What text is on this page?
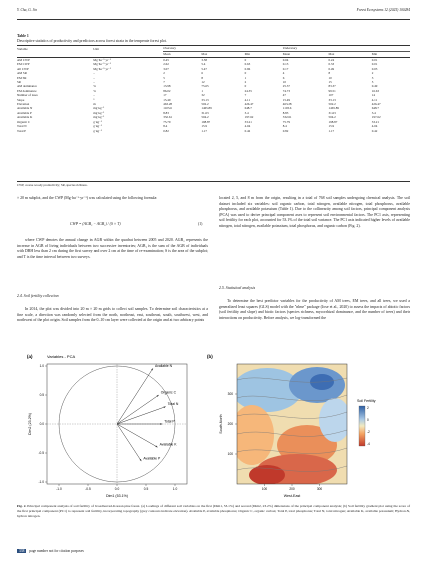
Y. Cha, G. Jin	Forest Ecosystems 12 (2025) 100284
Table 1
Descriptive statistics of productivity and predictors across forest strata in the temperate forest plot.
Variable	Unit	Overstory			Understory		
		Mean	Max	Min	Mean	Max	Min
AM CWP	Mg·ha⁻¹·yr⁻¹	0.45	3.58	0	0.04	0.24	0.01
EM CWP	Mg·ha⁻¹·yr⁻¹	2.62	5.4	0.63	0.13	0.33	0.01
All CWP	Mg·ha⁻¹·yr⁻¹	3.07	5.47	0.96	0.17	0.49	0.03
AM SR	–	2	6	0	4	8	2
EM SR	–	5	8	1	6	10	3
SR	–	7	12	2	10	15	5
AM dominance	%	13.98	75.65	0	25.37	83.37	0.49
EM dominance	%	86.02	1	24.35	74.73	99.51	16.63
Number of trees	–	17	32	7	47	107	14
Slope	°	15.49	33.13	4.11	15.49	33.13	4.11
Elevation	m	463.28	502.2	426.47	463.28	502.2	426.47
Available N	mg·kg⁻¹	1103.6	1465.89	648.7	1103.6	1465.89	648.7
Available P	mg·kg⁻¹	8.83	31.63	3.4	8.83	31.63	3.4
Available K	mg·kg⁻¹	332.61	504.2	197.62	332.61	504.2	197.62
Organic C	g·kg⁻¹	75.79	198.87	33.21	75.79	198.87	33.21
Total N	g·kg⁻¹	8.4	15.9	4.04	8.4	15.9	4.04
Total P	g·kg⁻¹	0.82	1.17	0.42	0.82	1.17	0.42
CWP, coarse woody productivity; SR, species richness.

× 20 m subplot, and the CWP (Mg·ha⁻¹·yr⁻¹) was calculated using the following formula:

CWP = (AGB₂ − AGB₁) / (S × T)	(1)

where CWP denotes the annual change in AGB within the quadrat between 2005 and 2020. AGB₂ represents the increase in AGB of living individuals between two successive inventories; AGB₁ is the sum of the AGB of individuals with DBH less than 2 cm during the first survey and over 2 cm at the time of re-examination; S is the area of the subplot; and T is the time interval between two surveys.

2.4. Soil fertility collection

In 2014, the plot was divided into 20 m × 20 m grids to collect soil samples. To determine soil characteristics at a fine scale, a direction was randomly selected from the north, northeast, east, southeast, south, southwest, west, and northwest of the plot origin. Soil samples from the 0–10 cm layer were collected at the origin and at two arbitrary points

located 2, 5, and 8 m from the origin, resulting in a total of 768 soil samples undergoing chemical analysis. The soil dataset included six variables: soil organic carbon, total nitrogen, available nitrogen, total phosphorus, available phosphorus, and available potassium (Table 1). Due to the collinearity among soil factors, principal component analysis (PCA) was used to derive principal component axes to represent soil environmental factors. The PC1 axis, representing soil fertility for each plot, accounted for 53.1% of the total soil variance. The PC1 axis indicated higher levels of available nitrogen, total nitrogen, available potassium, total phosphorus, and organic carbon (Fig. 2).

2.5. Statistical analysis

To determine the best predictor variables for the productivity of AM trees, EM trees, and all trees, we used a generalized least squares (GLS) model with the "nlme" package (Jose et al., 2020) to assess the impacts of abiotic factors (soil fertility and slope) and biotic factors (species richness, mycorrhizal dominance, and the number of trees) and their interactions on productivity. Before analysis, we log-transformed the

(a)	Variables - PCA	(b)
Available N
Organic C
Total N
Total P
Available K
Available P
-1.0	-0.5	0.0	0.5	1.0
1.0
0.5
0.0
-0.5
-1.0
Dim1 (53.1%)
Dim2 (23.2%)
West-East
South-North
100	200	300
300
200
100
Soil Fertility
2
0
-2
-4
Fig. 2. Principal component analysis of soil fertility of broadleaved-Korean pine forest. (a) Loadings of different soil variables on the first (Dim1, 53.1%) and second (Dim2, 23.2%) dimensions of the principal component analysis; (b) Soil fertility gradient plot using the score of the first principal component (PC1) to represent soil fertility, incorporating topography (grey contours indicate elevation). Available P, available phosphorus; Organic C, organic carbon; Total P, total phosphorus; Total N, total nitrogen; Available K, available potassium; Hydron.N, hydron nitrogen.
338 page number not for citation purposes
